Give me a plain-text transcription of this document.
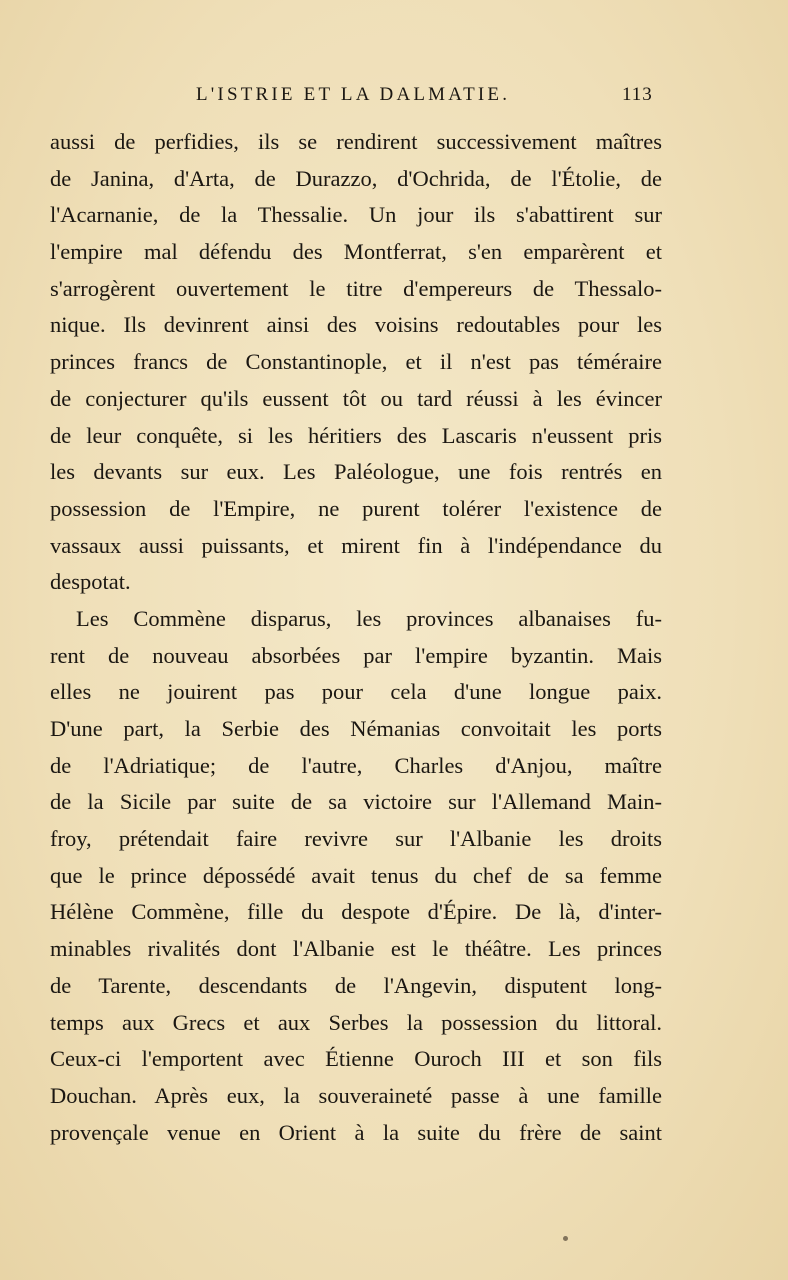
L'ISTRIE ET LA DALMATIE.	113
aussi de perfidies, ils se rendirent successivement maîtres
de Janina, d'Arta, de Durazzo, d'Ochrida, de l'Étolie, de
l'Acarnanie, de la Thessalie. Un jour ils s'abattirent sur
l'empire mal défendu des Montferrat, s'en emparèrent et
s'arrogèrent ouvertement le titre d'empereurs de Thessalo-
nique. Ils devinrent ainsi des voisins redoutables pour les
princes francs de Constantinople, et il n'est pas téméraire
de conjecturer qu'ils eussent tôt ou tard réussi à les évincer
de leur conquête, si les héritiers des Lascaris n'eussent pris
les devants sur eux. Les Paléologue, une fois rentrés en
possession de l'Empire, ne purent tolérer l'existence de
vassaux aussi puissants, et mirent fin à l'indépendance du
despotat.
Les Commène disparus, les provinces albanaises fu-
rent de nouveau absorbées par l'empire byzantin. Mais
elles ne jouirent pas pour cela d'une longue paix.
D'une part, la Serbie des Némanias convoitait les ports
de l'Adriatique; de l'autre, Charles d'Anjou, maître
de la Sicile par suite de sa victoire sur l'Allemand Main-
froy, prétendait faire revivre sur l'Albanie les droits
que le prince dépossédé avait tenus du chef de sa femme
Hélène Commène, fille du despote d'Épire. De là, d'inter-
minables rivalités dont l'Albanie est le théâtre. Les princes
de Tarente, descendants de l'Angevin, disputent long-
temps aux Grecs et aux Serbes la possession du littoral.
Ceux-ci l'emportent avec Étienne Ouroch III et son fils
Douchan. Après eux, la souveraineté passe à une famille
provençale venue en Orient à la suite du frère de saint
